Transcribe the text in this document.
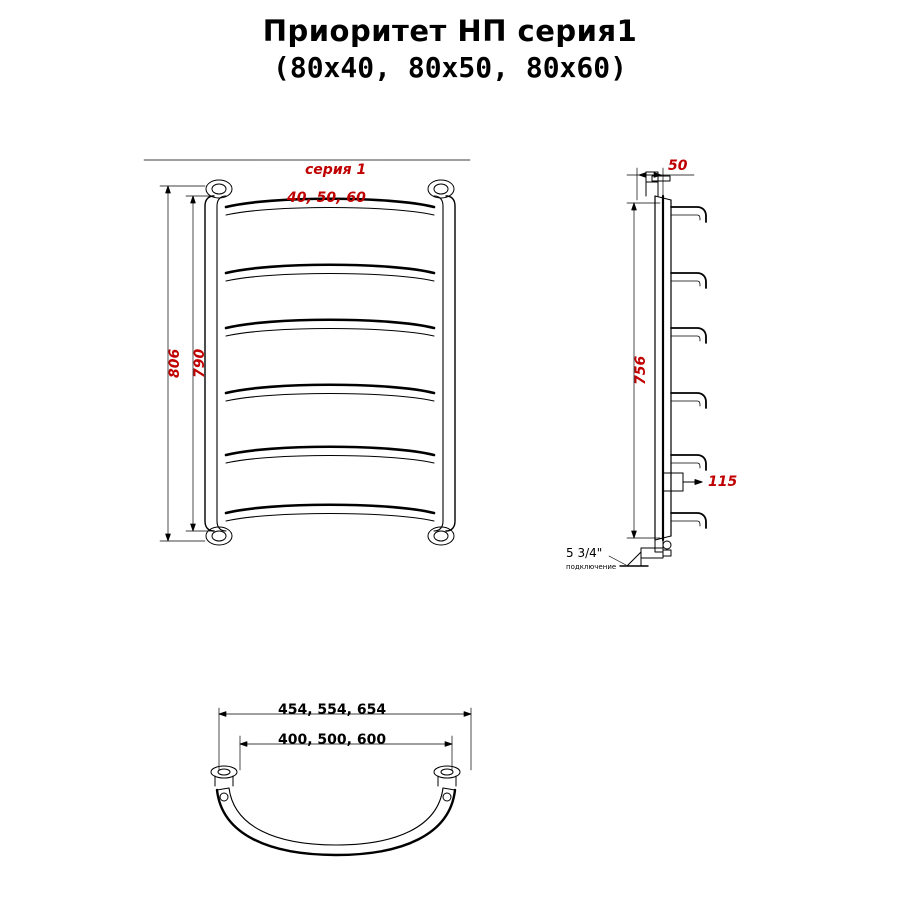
Приоритет НП серия1
(80x40, 80x50, 80x60)
серия 1
40, 50, 60
806 790
50
756
115
5 3/4"
подключение
454, 554, 654
400, 500, 600
